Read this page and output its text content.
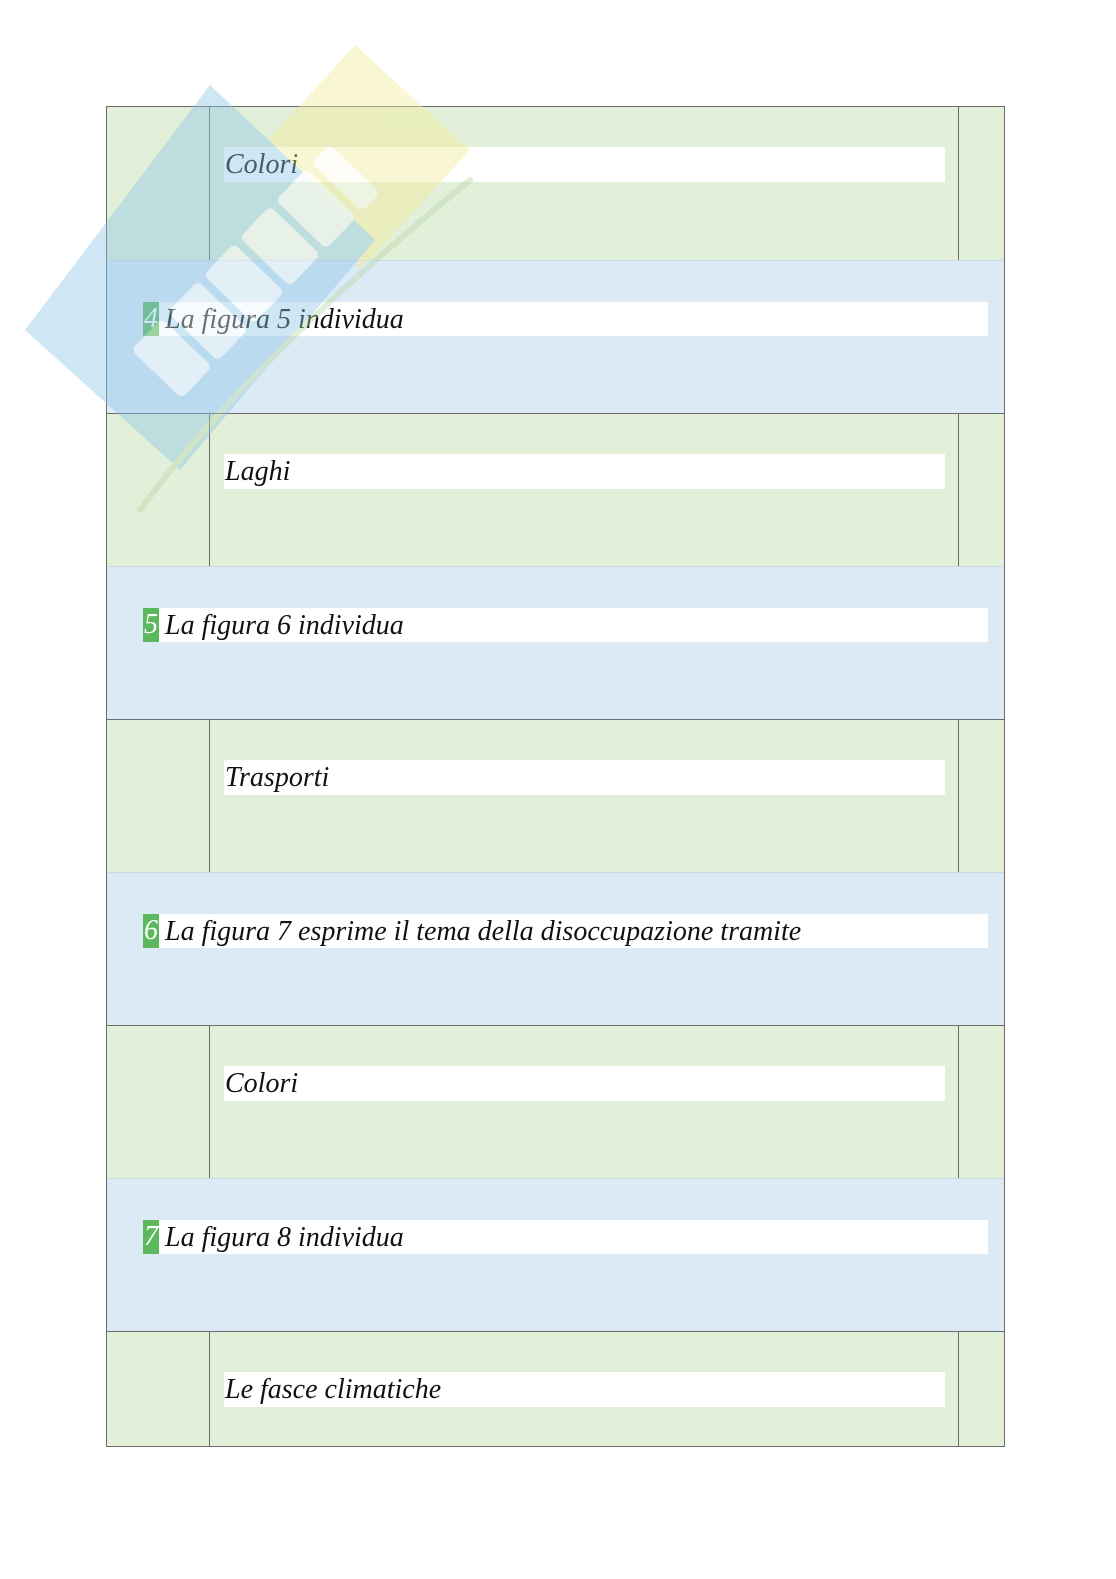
Colori
4 La figura 5 individua
Laghi
5 La figura 6 individua
Trasporti
6 La figura 7 esprime il tema della disoccupazione tramite
Colori
7 La figura 8 individua
Le fasce climatiche
